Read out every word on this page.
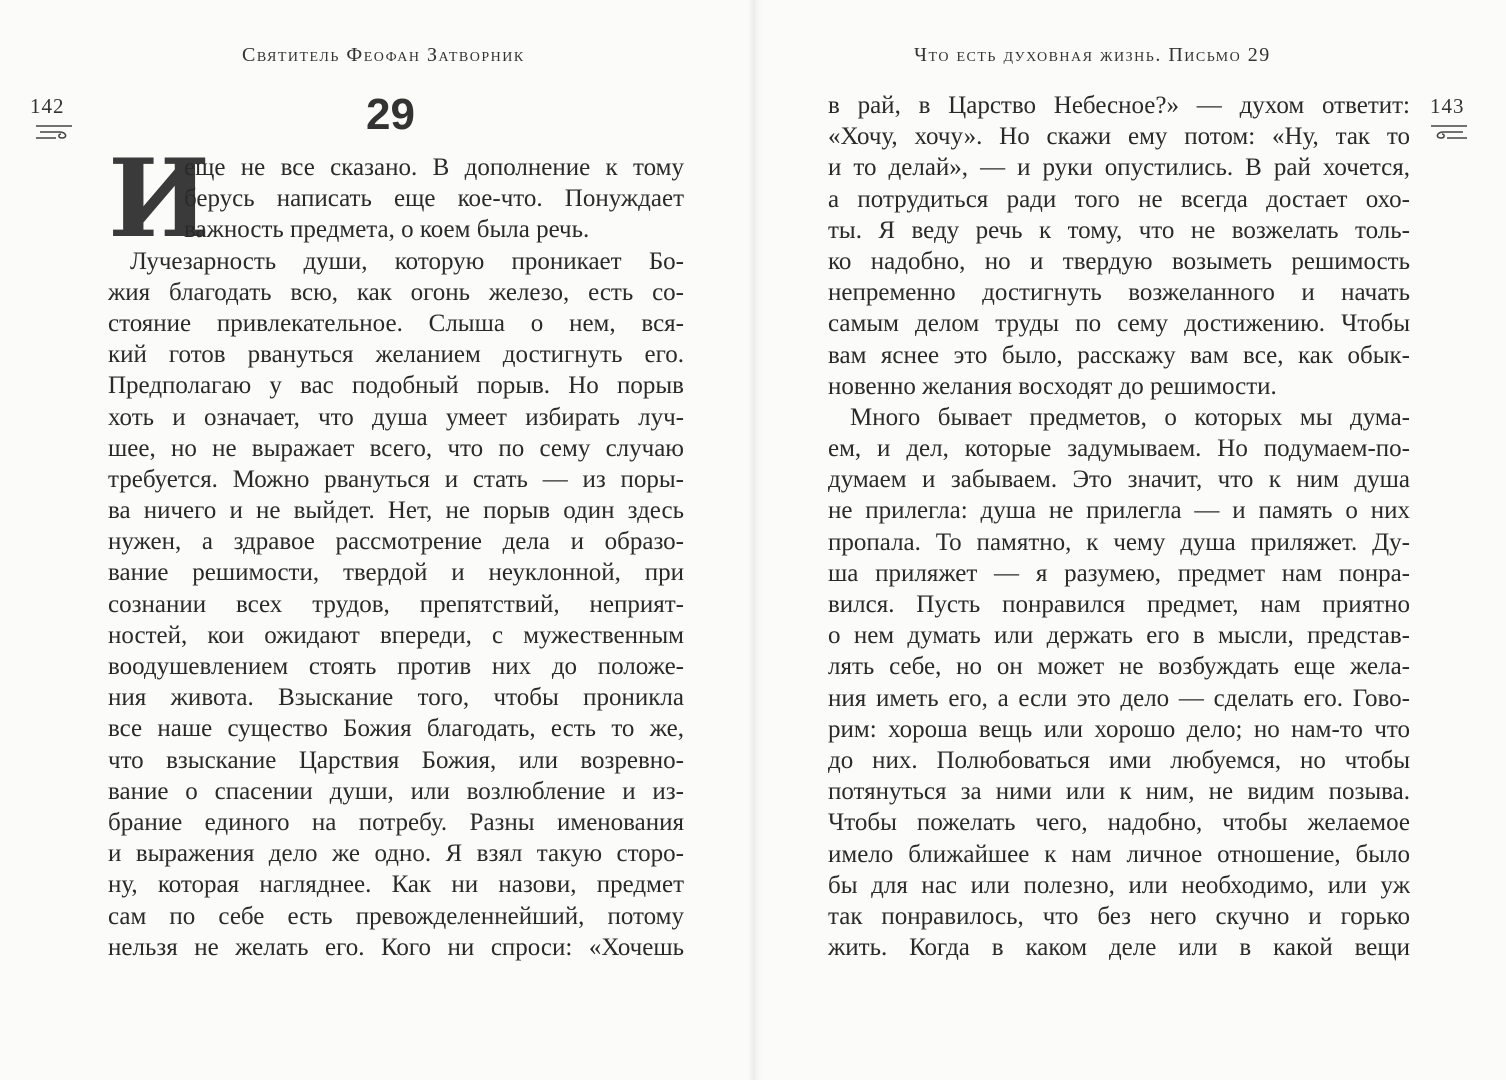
Святитель Феофан Затворник
142	29
И
еще не все сказано. В дополнение к тому
берусь написать еще кое-что. Понуждает
важность предмета, о коем была речь.
Лучезарность души, которую проникает Бо-
жия благодать всю, как огонь железо, есть со-
стояние привлекательное. Слыша о нем, вся-
кий готов рвануться желанием достигнуть его.
Предполагаю у вас подобный порыв. Но порыв
хоть и означает, что душа умеет избирать луч-
шее, но не выражает всего, что по сему случаю
требуется. Можно рвануться и стать — из поры-
ва ничего и не выйдет. Нет, не порыв один здесь
нужен, а здравое рассмотрение дела и образо-
вание решимости, твердой и неуклонной, при
сознании всех трудов, препятствий, неприят-
ностей, кои ожидают впереди, с мужественным
воодушевлением стоять против них до положе-
ния живота. Взыскание того, чтобы проникла
все наше существо Божия благодать, есть то же,
что взыскание Царствия Божия, или возревно-
вание о спасении души, или возлюбление и из-
брание единого на потребу. Разны именования
и выражения дело же одно. Я взял такую сторо-
ну, которая нагляднее. Как ни назови, предмет
сам по себе есть превожделеннейший, потому
нельзя не желать его. Кого ни спроси: «Хочешь
Что есть духовная жизнь. Письмо 29
143
в рай, в Царство Небесное?» — духом ответит:
«Хочу, хочу». Но скажи ему потом: «Ну, так то
и то делай», — и руки опустились. В рай хочется,
а потрудиться ради того не всегда достает охо-
ты. Я веду речь к тому, что не возжелать толь-
ко надобно, но и твердую возыметь решимость
непременно достигнуть возжеланного и начать
самым делом труды по сему достижению. Чтобы
вам яснее это было, расскажу вам все, как обык-
новенно желания восходят до решимости.
Много бывает предметов, о которых мы дума-
ем, и дел, которые задумываем. Но подумаем-по-
думаем и забываем. Это значит, что к ним душа
не прилегла: душа не прилегла — и память о них
пропала. То памятно, к чему душа приляжет. Ду-
ша приляжет — я разумею, предмет нам понра-
вился. Пусть понравился предмет, нам приятно
о нем думать или держать его в мысли, представ-
лять себе, но он может не возбуждать еще жела-
ния иметь его, а если это дело — сделать его. Гово-
рим: хороша вещь или хорошо дело; но нам-то что
до них. Полюбоваться ими любуемся, но чтобы
потянуться за ними или к ним, не видим позыва.
Чтобы пожелать чего, надобно, чтобы желаемое
имело ближайшее к нам личное отношение, было
бы для нас или полезно, или необходимо, или уж
так понравилось, что без него скучно и горько
жить. Когда в каком деле или в какой вещи
